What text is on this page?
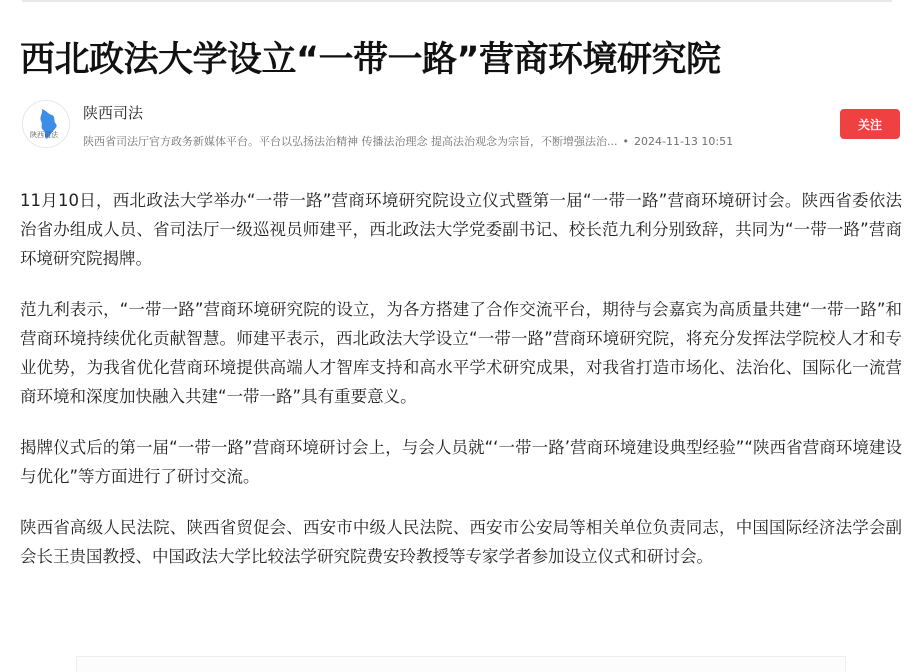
西北政法大学设立“一带一路”营商环境研究院
陕西司法
陕西司法
陕西省司法厅官方政务新媒体平台。平台以弘扬法治精神 传播法治理念 提高法治观念为宗旨，不断增强法治... • 2024-11-13 10:51
关注

11月10日，西北政法大学举办“一带一路”营商环境研究院设立仪式暨第一届“一带一路”营商环境研讨会。陕西省委依法治省办组成人员、省司法厅一级巡视员师建平，西北政法大学党委副书记、校长范九利分别致辞，共同为“一带一路”营商环境研究院揭牌。

范九利表示，“一带一路”营商环境研究院的设立，为各方搭建了合作交流平台，期待与会嘉宾为高质量共建“一带一路”和营商环境持续优化贡献智慧。师建平表示，西北政法大学设立“一带一路”营商环境研究院，将充分发挥法学院校人才和专业优势，为我省优化营商环境提供高端人才智库支持和高水平学术研究成果，对我省打造市场化、法治化、国际化一流营商环境和深度加快融入共建“一带一路”具有重要意义。

揭牌仪式后的第一届“一带一路”营商环境研讨会上，与会人员就“‘一带一路’营商环境建设典型经验”“陕西省营商环境建设与优化”等方面进行了研讨交流。

陕西省高级人民法院、陕西省贸促会、西安市中级人民法院、西安市公安局等相关单位负责同志，中国国际经济法学会副会长王贵国教授、中国政法大学比较法学研究院费安玲教授等专家学者参加设立仪式和研讨会。
